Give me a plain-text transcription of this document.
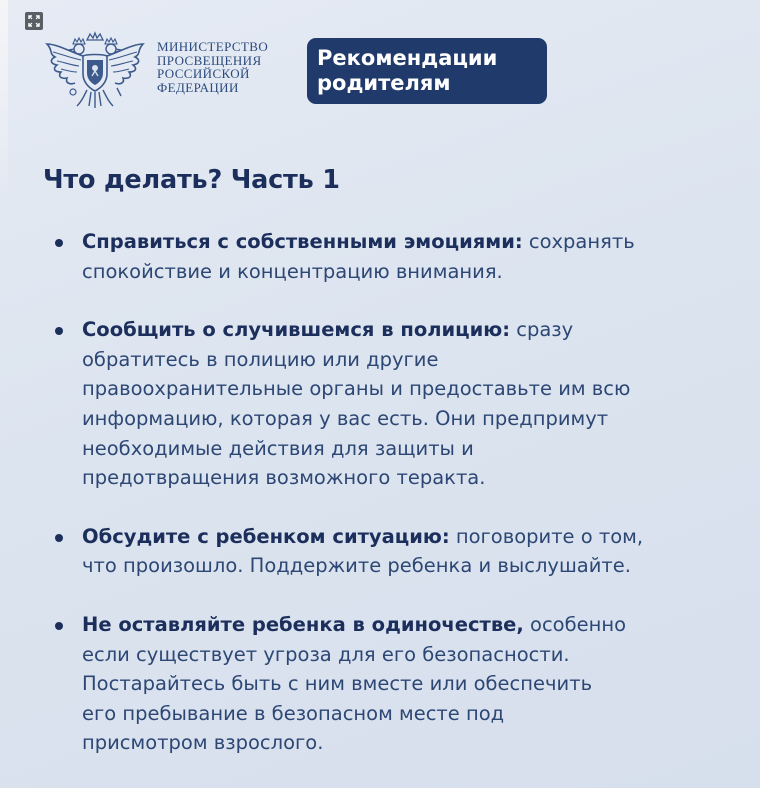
МИНИСТЕРСТВО
ПРОСВЕЩЕНИЯ
РОССИЙСКОЙ
ФЕДЕРАЦИИ
Рекомендации
родителям
Что делать? Часть 1
Справиться с собственными эмоциями: сохранять
спокойствие и концентрацию внимания.
Сообщить о случившемся в полицию: сразу
обратитесь в полицию или другие
правоохранительные органы и предоставьте им всю
информацию, которая у вас есть. Они предпримут
необходимые действия для защиты и
предотвращения возможного теракта.
Обсудите с ребенком ситуацию: поговорите о том,
что произошло. Поддержите ребенка и выслушайте.
Не оставляйте ребенка в одиночестве, особенно
если существует угроза для его безопасности.
Постарайтесь быть с ним вместе или обеспечить
его пребывание в безопасном месте под
присмотром взрослого.
